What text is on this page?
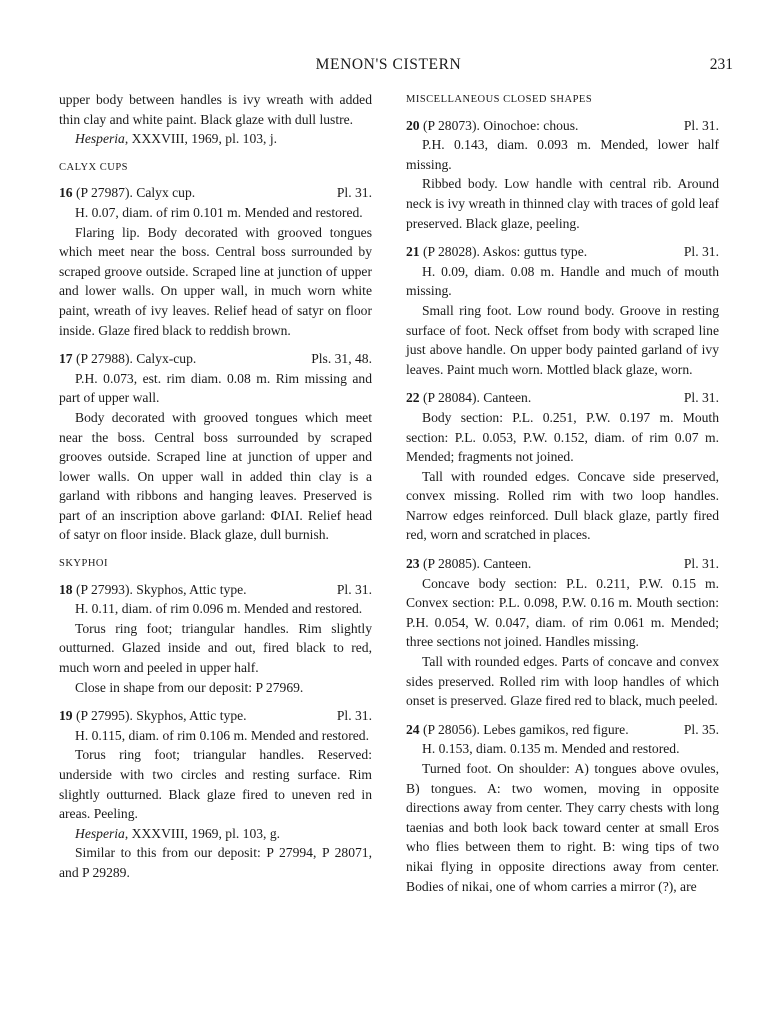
MENON'S CISTERN	231

upper body between handles is ivy wreath with added thin clay and white paint. Black glaze with dull lustre.

Hesperia, XXXVIII, 1969, pl. 103, j.

CALYX CUPS

16 (P 27987). Calyx cup.	Pl. 31.

H. 0.07, diam. of rim 0.101 m. Mended and restored.

Flaring lip. Body decorated with grooved tongues which meet near the boss. Central boss surrounded by scraped groove outside. Scraped line at junction of upper and lower walls. On upper wall, in much worn white paint, wreath of ivy leaves. Relief head of satyr on floor inside. Glaze fired black to reddish brown.

17 (P 27988). Calyx-cup.	Pls. 31, 48.

P.H. 0.073, est. rim diam. 0.08 m. Rim missing and part of upper wall.

Body decorated with grooved tongues which meet near the boss. Central boss surrounded by scraped grooves outside. Scraped line at junction of upper and lower walls. On upper wall in added thin clay is a garland with ribbons and hanging leaves. Preserved is part of an inscription above garland: ΦΙΛΙ. Relief head of satyr on floor inside. Black glaze, dull burnish.

SKYPHOI

18 (P 27993). Skyphos, Attic type.	Pl. 31.

H. 0.11, diam. of rim 0.096 m. Mended and restored.

Torus ring foot; triangular handles. Rim slightly outturned. Glazed inside and out, fired black to red, much worn and peeled in upper half.

Close in shape from our deposit: P 27969.

19 (P 27995). Skyphos, Attic type.	Pl. 31.

H. 0.115, diam. of rim 0.106 m. Mended and restored.

Torus ring foot; triangular handles. Reserved: underside with two circles and resting surface. Rim slightly outturned. Black glaze fired to uneven red in areas. Peeling.

Hesperia, XXXVIII, 1969, pl. 103, g.

Similar to this from our deposit: P 27994, P 28071, and P 29289.

MISCELLANEOUS CLOSED SHAPES

20 (P 28073). Oinochoe: chous.	Pl. 31.

P.H. 0.143, diam. 0.093 m. Mended, lower half missing.

Ribbed body. Low handle with central rib. Around neck is ivy wreath in thinned clay with traces of gold leaf preserved. Black glaze, peeling.

21 (P 28028). Askos: guttus type.	Pl. 31.

H. 0.09, diam. 0.08 m. Handle and much of mouth missing.

Small ring foot. Low round body. Groove in resting surface of foot. Neck offset from body with scraped line just above handle. On upper body painted garland of ivy leaves. Paint much worn. Mottled black glaze, worn.

22 (P 28084). Canteen.	Pl. 31.

Body section: P.L. 0.251, P.W. 0.197 m. Mouth section: P.L. 0.053, P.W. 0.152, diam. of rim 0.07 m. Mended; fragments not joined.

Tall with rounded edges. Concave side preserved, convex missing. Rolled rim with two loop handles. Narrow edges reinforced. Dull black glaze, partly fired red, worn and scratched in places.

23 (P 28085). Canteen.	Pl. 31.

Concave body section: P.L. 0.211, P.W. 0.15 m. Convex section: P.L. 0.098, P.W. 0.16 m. Mouth section: P.H. 0.054, W. 0.047, diam. of rim 0.061 m. Mended; three sections not joined. Handles missing.

Tall with rounded edges. Parts of concave and convex sides preserved. Rolled rim with loop handles of which onset is preserved. Glaze fired red to black, much peeled.

24 (P 28056). Lebes gamikos, red figure.	Pl. 35.

H. 0.153, diam. 0.135 m. Mended and restored.

Turned foot. On shoulder: A) tongues above ovules, B) tongues. A: two women, moving in opposite directions away from center. They carry chests with long taenias and both look back toward center at small Eros who flies between them to right. B: wing tips of two nikai flying in opposite directions away from center. Bodies of nikai, one of whom carries a mirror (?), are
